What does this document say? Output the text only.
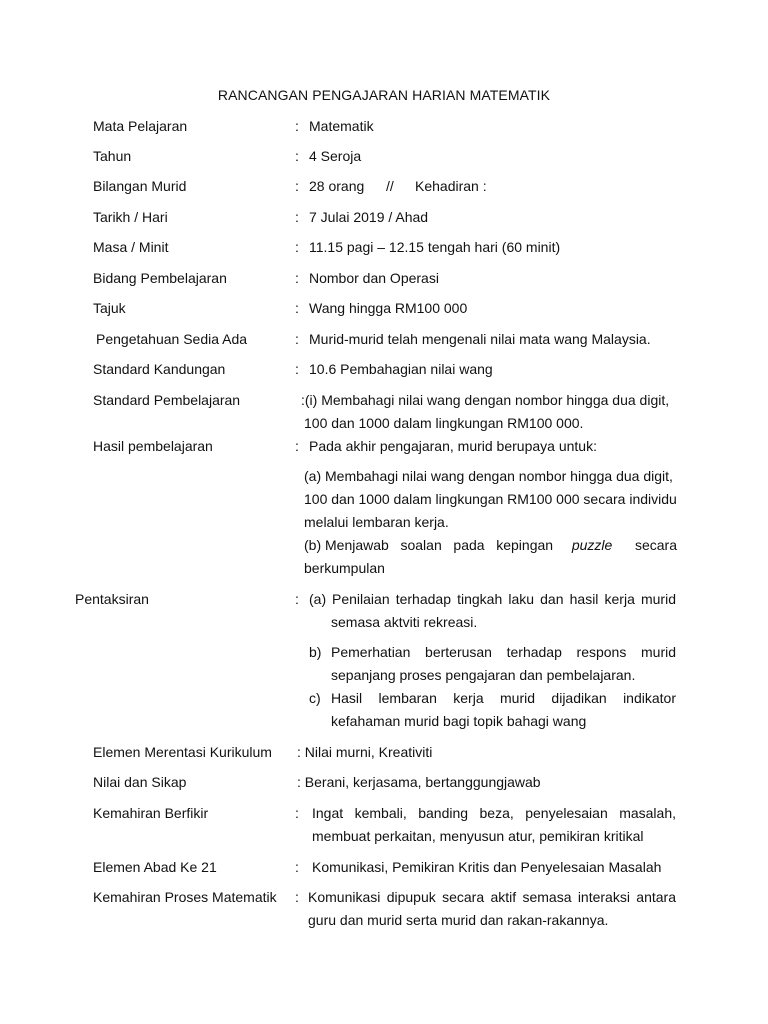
RANCANGAN PENGAJARAN HARIAN MATEMATIK
Mata Pelajaran	: Matematik
Tahun	: 4 Seroja
Bilangan Murid	: 28 orang // Kehadiran :
Tarikh / Hari	: 7 Julai 2019 / Ahad
Masa / Minit	: 11.15 pagi – 12.15 tengah hari (60 minit)
Bidang Pembelajaran	: Nombor dan Operasi
Tajuk	: Wang hingga RM100 000
Pengetahuan Sedia Ada	: Murid-murid telah mengenali nilai mata wang Malaysia.
Standard Kandungan	: 10.6 Pembahagian nilai wang
Standard Pembelajaran	:(i) Membahagi nilai wang dengan nombor hingga dua digit,
100 dan 1000 dalam lingkungan RM100 000.
Hasil pembelajaran	: Pada akhir pengajaran, murid berupaya untuk:
(a) Membahagi nilai wang dengan nombor hingga dua digit,
100 dan 1000 dalam lingkungan RM100 000 secara individu
melalui lembaran kerja.
(b) Menjawab   soalan   pada   kepingan puzzle secara
berkumpulan
Pentaksiran	: (a) Penilaian terhadap tingkah laku dan hasil kerja murid
semasa aktviti rekreasi.
b) Pemerhatian berterusan terhadap respons murid
sepanjang proses pengajaran dan pembelajaran.
c) Hasil lembaran kerja murid dijadikan indikator
kefahaman murid bagi topik bahagi wang
Elemen Merentasi Kurikulum : Nilai murni, Kreativiti
Nilai dan Sikap	: Berani, kerjasama, bertanggungjawab
Kemahiran Berfikir	: Ingat kembali, banding beza, penyelesaian masalah,
membuat perkaitan, menyusun atur, pemikiran kritikal
Elemen Abad Ke 21	: Komunikasi, Pemikiran Kritis dan Penyelesaian Masalah
Kemahiran Proses Matematik : Komunikasi dipupuk secara aktif semasa interaksi antara
guru dan murid serta murid dan rakan-rakannya.
